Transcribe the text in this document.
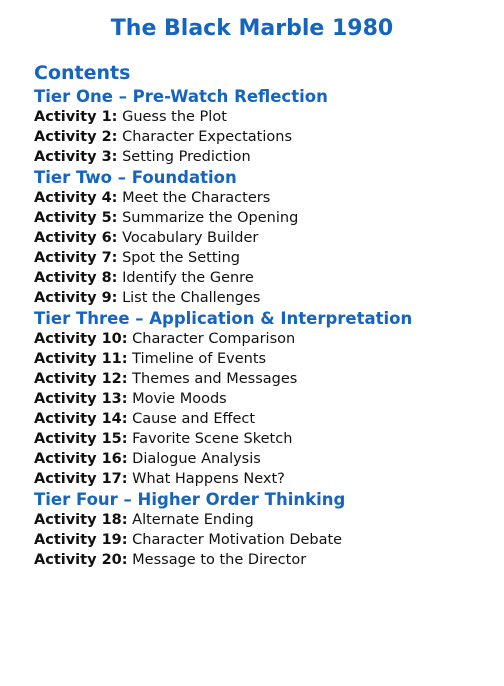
The Black Marble 1980
Contents
Tier One – Pre-Watch Reflection

Activity 1: Guess the Plot

Activity 2: Character Expectations

Activity 3: Setting Prediction

Tier Two – Foundation

Activity 4: Meet the Characters

Activity 5: Summarize the Opening

Activity 6: Vocabulary Builder

Activity 7: Spot the Setting

Activity 8: Identify the Genre

Activity 9: List the Challenges

Tier Three – Application & Interpretation

Activity 10: Character Comparison

Activity 11: Timeline of Events

Activity 12: Themes and Messages

Activity 13: Movie Moods

Activity 14: Cause and Effect

Activity 15: Favorite Scene Sketch

Activity 16: Dialogue Analysis

Activity 17: What Happens Next?

Tier Four – Higher Order Thinking

Activity 18: Alternate Ending

Activity 19: Character Motivation Debate

Activity 20: Message to the Director
